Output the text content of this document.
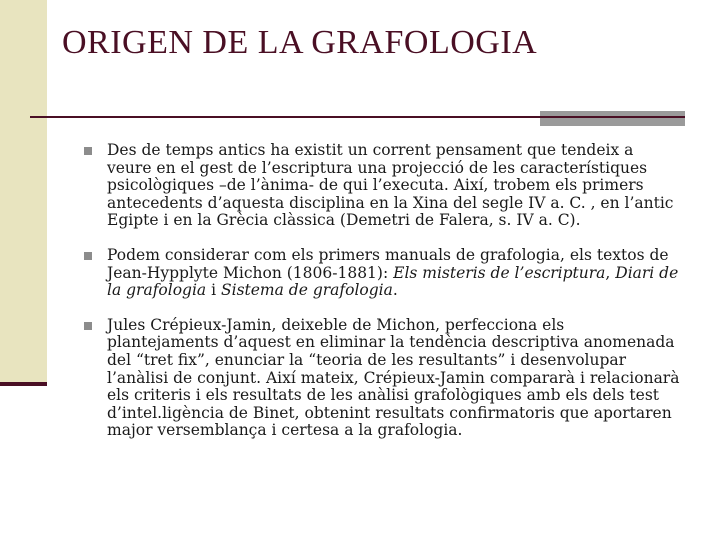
ORIGEN DE LA GRAFOLOGIA
Des de temps antics ha existit un corrent pensament que tendeix a veure en el gest de l’escriptura una projecció de les característiques psicològiques –de l’ànima- de qui l’executa. Així, trobem els primers antecedents d’aquesta disciplina en la Xina del segle IV a. C. , en l’antic Egipte i en la Grècia clàssica (Demetri de Falera, s. IV a. C).
Podem considerar com els primers manuals de grafologia, els textos de Jean-Hypplyte Michon (1806-1881): Els misteris de l’escriptura, Diari de la grafologia i Sistema de grafologia.
Jules Crépieux-Jamin, deixeble de Michon, perfecciona els plantejaments d’aquest en eliminar la tendència descriptiva anomenada del “tret fix”, enunciar la “teoria de les resultants” i desenvolupar l’anàlisi de conjunt. Així mateix, Crépieux-Jamin compararà i relacionarà els criteris i els resultats de les anàlisi grafològiques amb els dels test d’intel.ligència de Binet, obtenint resultats confirmatoris que aportaren major versemblança i certesa a la grafologia.
